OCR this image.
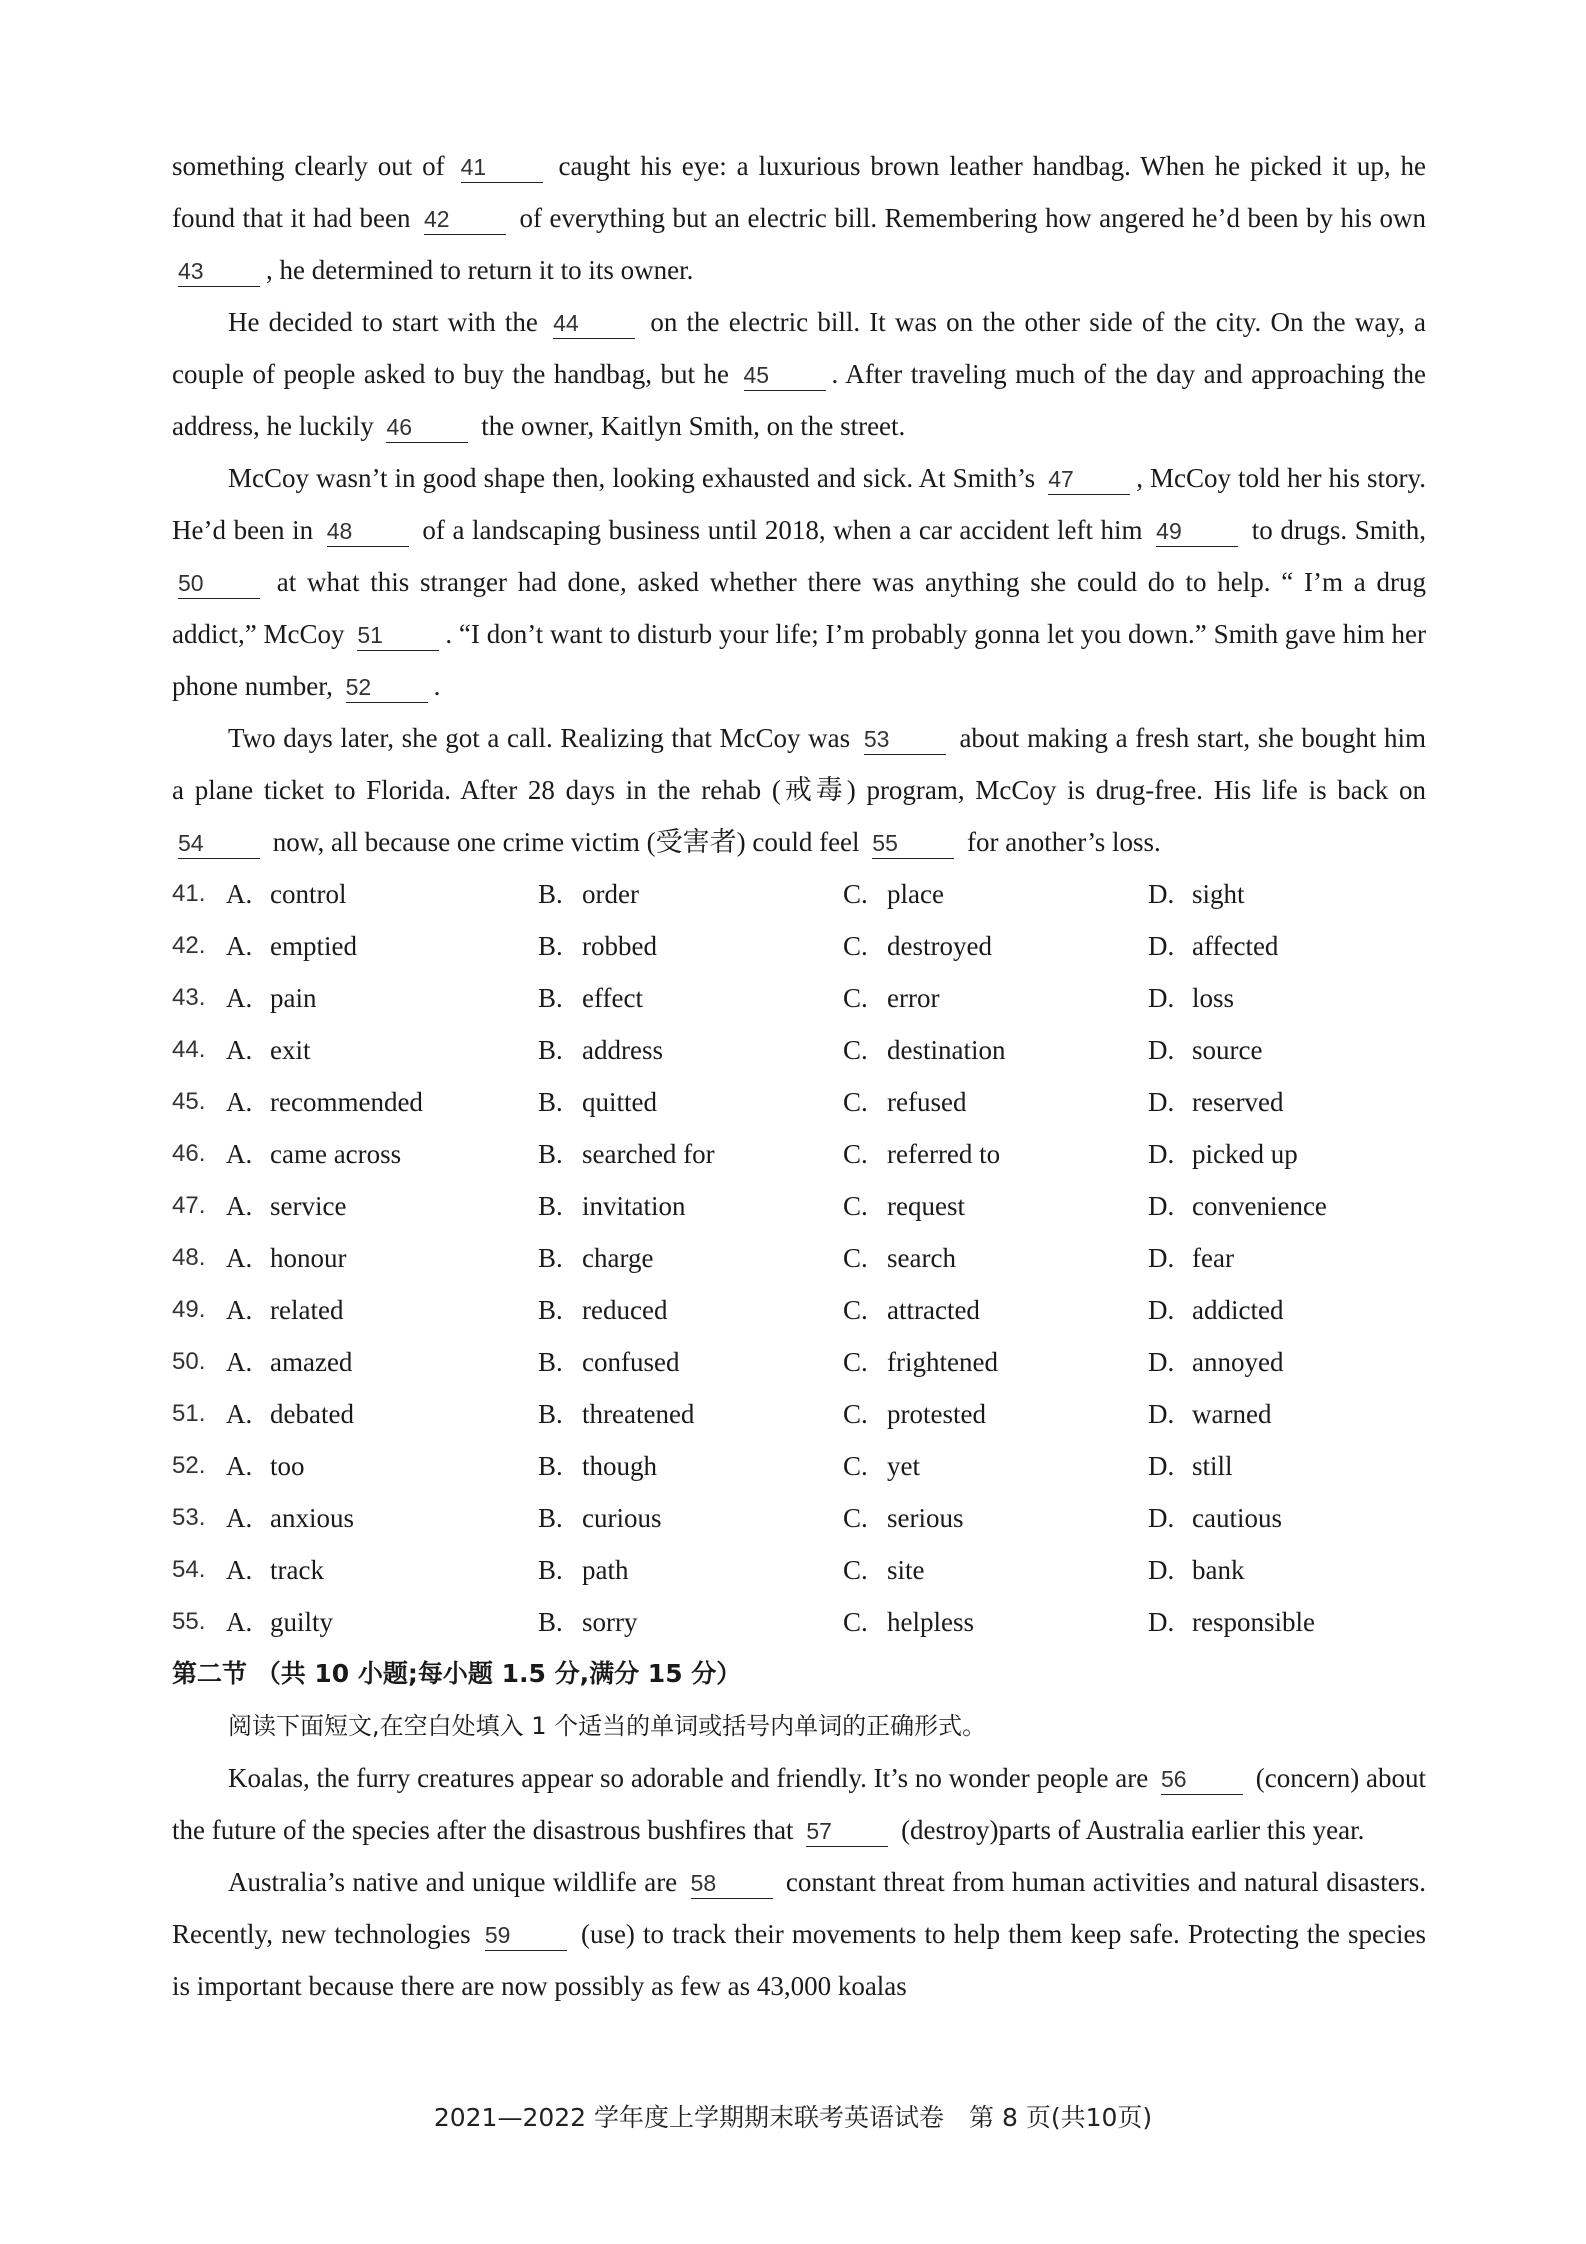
something clearly out of 41	caught his eye: a luxurious brown leather handbag. When he picked it up, he found that it had been 42	of everything but an electric bill. Remembering how angered he’d been by his own 43 , he determined to return it to its owner.

He decided to start with the 44	on the electric bill. It was on the other side of the city. On the way, a couple of people asked to buy the handbag, but he 45 . After traveling much of the day and approaching the address, he luckily 46	the owner, Kaitlyn Smith, on the street.

McCoy wasn’t in good shape then, looking exhausted and sick. At Smith’s 47 , McCoy told her his story. He’d been in 48	of a landscaping business until 2018, when a car accident left him 49	to drugs. Smith, 50	at what this stranger had done, asked whether there was anything she could do to help. “ I’m a drug addict,” McCoy 51 . “I don’t want to disturb your life; I’m probably gonna let you down.” Smith gave him her phone number, 52 .

Two days later, she got a call. Realizing that McCoy was 53	about making a fresh start, she bought him a plane ticket to Florida. After 28 days in the rehab (戒毒) program, McCoy is drug-free. His life is back on 54	now, all because one crime victim (受害者) could feel 55	for another’s loss.

41. A. control	B. order	C. place	D. sight
42. A. emptied	B. robbed	C. destroyed	D. affected
43. A. pain	B. effect	C. error	D. loss
44. A. exit	B. address	C. destination	D. source
45. A. recommended	B. quitted	C. refused	D. reserved
46. A. came across	B. searched for	C. referred to	D. picked up
47. A. service	B. invitation	C. request	D. convenience
48. A. honour	B. charge	C. search	D. fear
49. A. related	B. reduced	C. attracted	D. addicted
50. A. amazed	B. confused	C. frightened	D. annoyed
51. A. debated	B. threatened	C. protested	D. warned
52. A. too	B. though	C. yet	D. still
53. A. anxious	B. curious	C. serious	D. cautious
54. A. track	B. path	C. site	D. bank
55. A. guilty	B. sorry	C. helpless	D. responsible

第二节 （共 10 小题;每小题 1.5 分,满分 15 分）

阅读下面短文,在空白处填入 1 个适当的单词或括号内单词的正确形式。

Koalas, the furry creatures appear so adorable and friendly. It’s no wonder people are 56	(concern) about the future of the species after the disastrous bushfires that 57	(destroy)parts of Australia earlier this year.

Australia’s native and unique wildlife are 58	constant threat from human activities and natural disasters. Recently, new technologies 59	(use) to track their movements to help them keep safe. Protecting the species is important because there are now possibly as few as 43,000 koalas

2021—2022 学年度上学期期末联考英语试卷　第 8 页(共10页)
